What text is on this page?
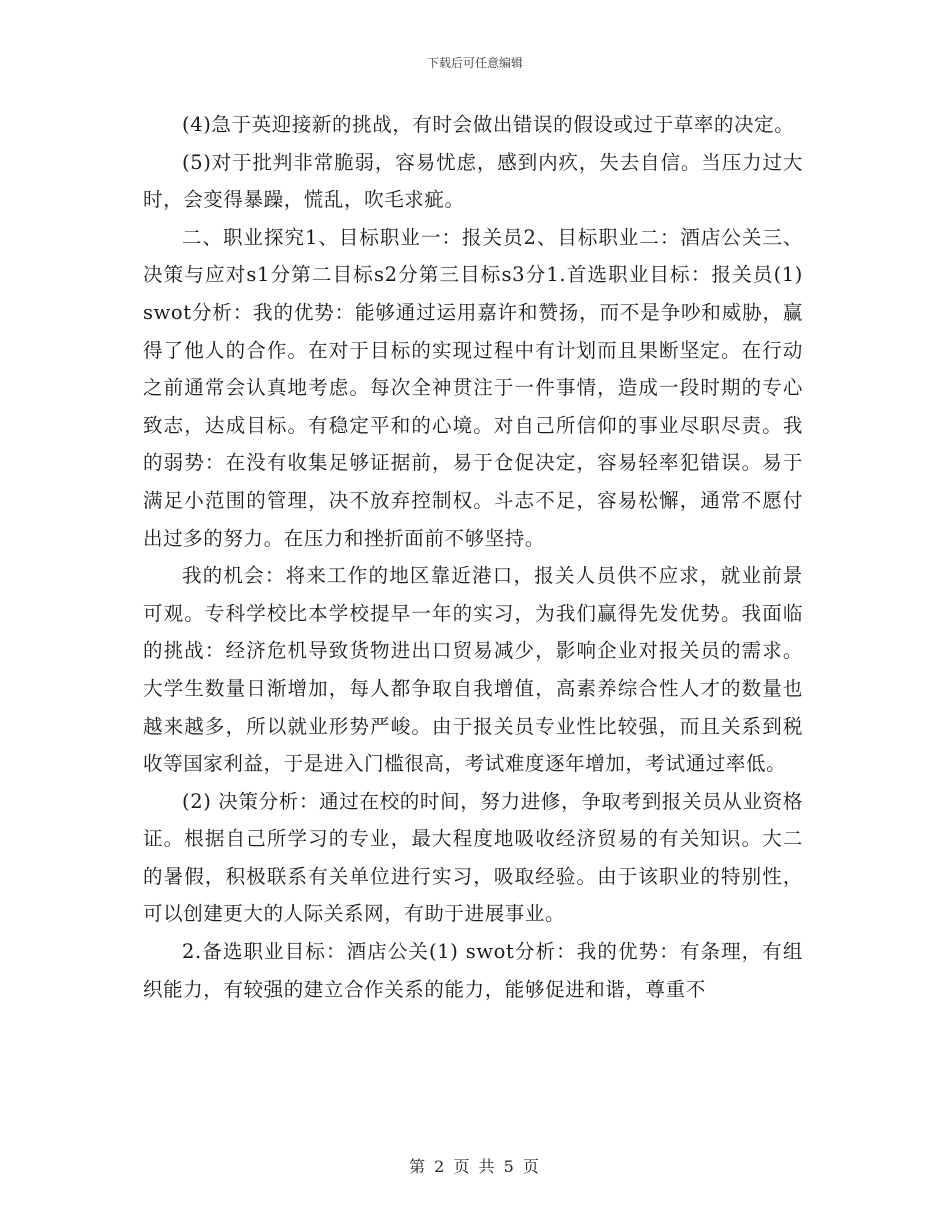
下载后可任意编辑

(4)急于英迎接新的挑战，有时会做出错误的假设或过于草率的决定。

(5)对于批判非常脆弱，容易忧虑，感到内疚，失去自信。当压力过大时，会变得暴躁，慌乱，吹毛求疵。

二、职业探究1、目标职业一：报关员2、目标职业二：酒店公关三、决策与应对s1分第二目标s2分第三目标s3分1.首选职业目标：报关员(1) swot分析：我的优势：能够通过运用嘉许和赞扬，而不是争吵和威胁，赢得了他人的合作。在对于目标的实现过程中有计划而且果断坚定。在行动之前通常会认真地考虑。每次全神贯注于一件事情，造成一段时期的专心致志，达成目标。有稳定平和的心境。对自己所信仰的事业尽职尽责。我的弱势：在没有收集足够证据前，易于仓促决定，容易轻率犯错误。易于满足小范围的管理，决不放弃控制权。斗志不足，容易松懈，通常不愿付出过多的努力。在压力和挫折面前不够坚持。

我的机会：将来工作的地区靠近港口，报关人员供不应求，就业前景可观。专科学校比本学校提早一年的实习，为我们赢得先发优势。我面临的挑战：经济危机导致货物进出口贸易减少，影响企业对报关员的需求。大学生数量日渐增加，每人都争取自我增值，高素养综合性人才的数量也越来越多，所以就业形势严峻。由于报关员专业性比较强，而且关系到税收等国家利益，于是进入门槛很高，考试难度逐年增加，考试通过率低。

(2) 决策分析：通过在校的时间，努力进修，争取考到报关员从业资格证。根据自己所学习的专业，最大程度地吸收经济贸易的有关知识。大二的暑假，积极联系有关单位进行实习，吸取经验。由于该职业的特别性，可以创建更大的人际关系网，有助于进展事业。

2.备选职业目标：酒店公关(1) swot分析：我的优势：有条理，有组织能力，有较强的建立合作关系的能力，能够促进和谐，尊重不

第 2 页 共 5 页
